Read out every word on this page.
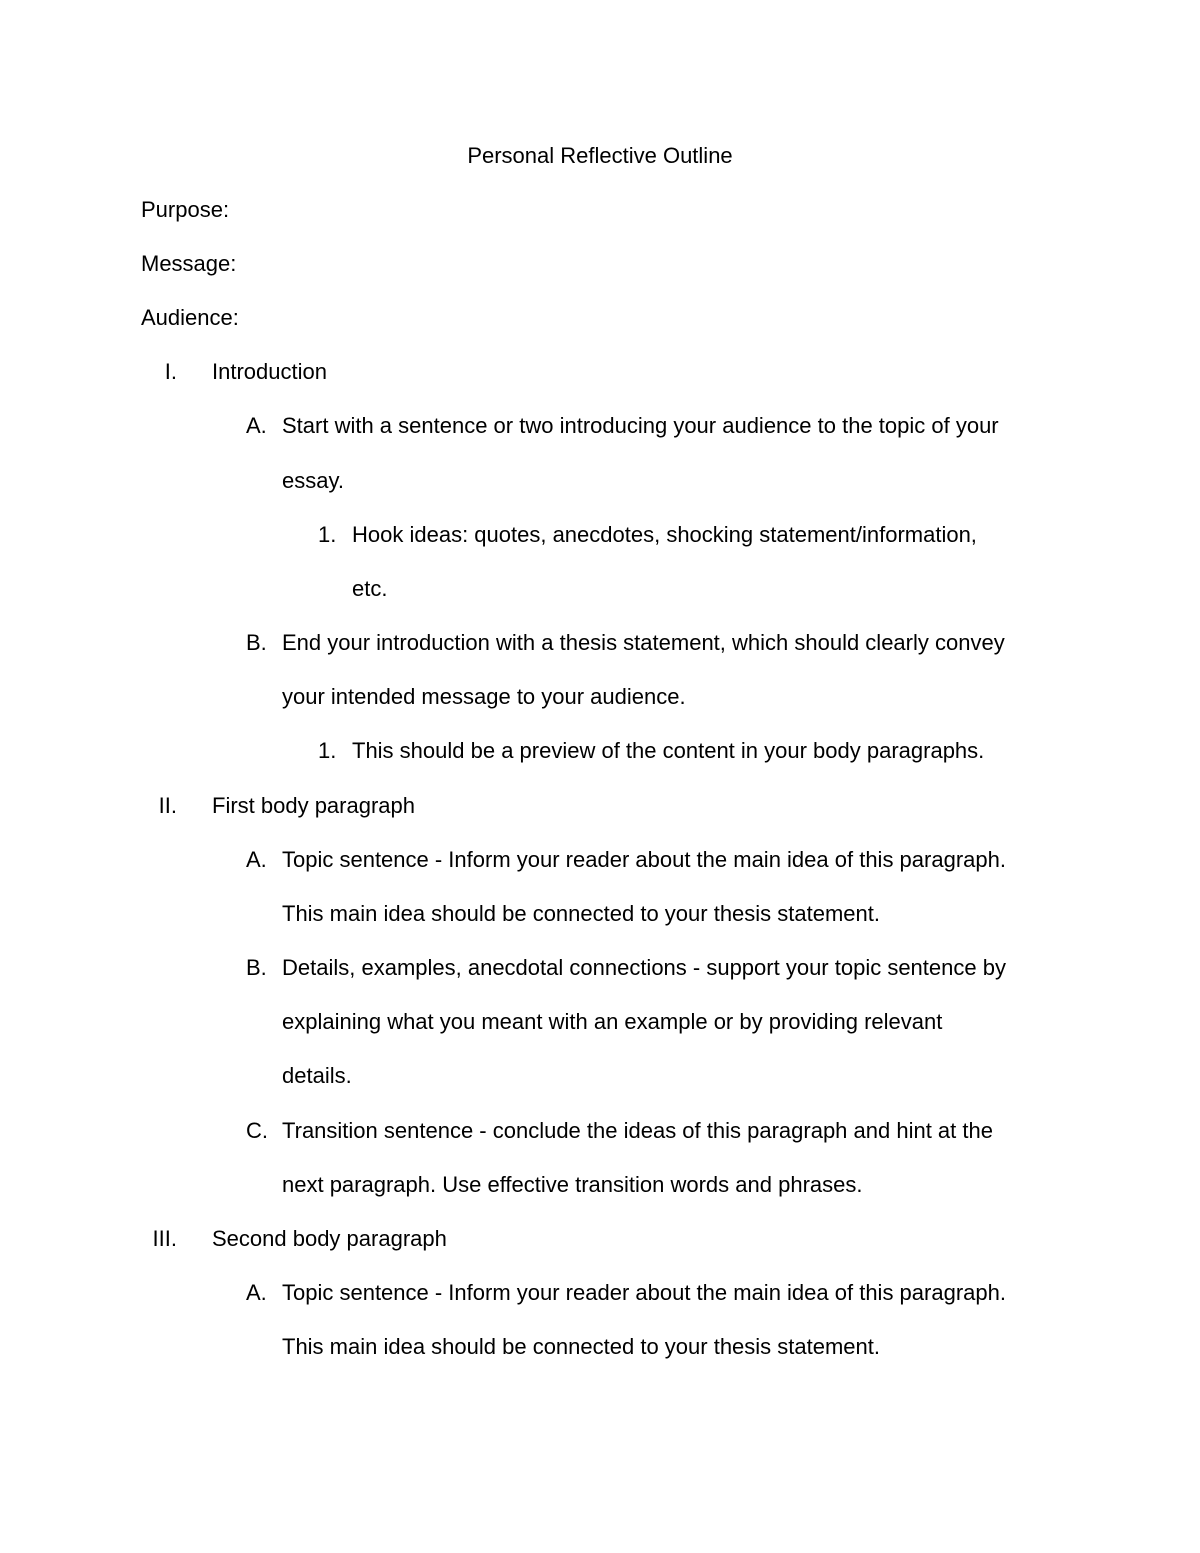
Personal Reflective Outline
Purpose:
Message:
Audience:
I. Introduction
A. Start with a sentence or two introducing your audience to the topic of your
essay.
1. Hook ideas: quotes, anecdotes, shocking statement/information,
etc.
B. End your introduction with a thesis statement, which should clearly convey
your intended message to your audience.
1. This should be a preview of the content in your body paragraphs.
II. First body paragraph
A. Topic sentence - Inform your reader about the main idea of this paragraph.
This main idea should be connected to your thesis statement.
B. Details, examples, anecdotal connections - support your topic sentence by
explaining what you meant with an example or by providing relevant
details.
C. Transition sentence - conclude the ideas of this paragraph and hint at the
next paragraph. Use effective transition words and phrases.
III. Second body paragraph
A. Topic sentence - Inform your reader about the main idea of this paragraph.
This main idea should be connected to your thesis statement.
